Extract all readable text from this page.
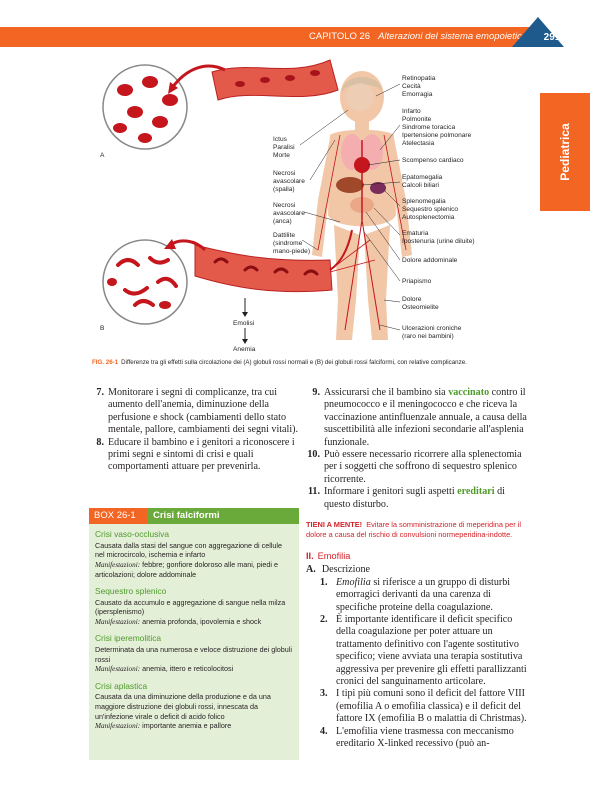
CAPITOLO 26 Alterazioni del sistema emopoietico	291
Pediatrica
A
B
Emolisi
Anemia
Ictus
Paralisi
Morte
Necrosi
avascolare
(spalla)
Necrosi
avascolare
(anca)
Dattilite
(sindrome
mano-piede)
Retinopatia
Cecità
Emorragia
Infarto
Polmonite
Sindrome toracica
Ipertensione polmonare
Atelectasia
Scompenso cardiaco
Epatomegalia
Calcoli biliari
Splenomegalia
Sequestro splenico
Autosplenectomia
Ematuria
Ipostenuria (urine diluite)
Dolore addominale
Priapismo
Dolore
Osteomielite
Ulcerazioni croniche
(raro nei bambini)
FIG. 26-1 Differenze tra gli effetti sulla circolazione dei (A) globuli rossi normali e (B) dei globuli rossi falciformi, con relative complicanze.
7. Monitorare i segni di complicanze, tra cui aumento dell'anemia, diminuzione della perfusione e shock (cambiamenti dello stato mentale, pallore, cambiamenti dei segni vitali).
8. Educare il bambino e i genitori a riconoscere i primi segni e sintomi di crisi e quali comportamenti attuare per prevenirla.
BOX 26-1	Crisi falciformi
Crisi vaso-occlusiva
Causata dalla stasi del sangue con aggregazione di cellule nel microcircolo, ischemia e infarto
Manifestazioni: febbre; gonfiore doloroso alle mani, piedi e articolazioni; dolore addominale
Sequestro splenico
Causato da accumulo e aggregazione di sangue nella milza (ipersplenismo)
Manifestazioni: anemia profonda, ipovolemia e shock
Crisi iperemolitica
Determinata da una numerosa e veloce distruzione dei globuli rossi
Manifestazioni: anemia, ittero e reticolocitosi
Crisi aplastica
Causata da una diminuzione della produzione e da una maggiore distruzione dei globuli rossi, innescata da un'infezione virale o deficit di acido folico
Manifestazioni: importante anemia e pallore
9. Assicurarsi che il bambino sia vaccinato contro il pneumococco e il meningococco e che riceva la vaccinazione antinfluenzale annuale, a causa della suscettibilità alle infezioni secondarie all'asplenia funzionale.
10. Può essere necessario ricorrere alla splenectomia per i soggetti che soffrono di sequestro splenico ricorrente.
11. Informare i genitori sugli aspetti ereditari di questo disturbo.
TIENI A MENTE! Evitare la somministrazione di meperidina per il dolore a causa del rischio di convulsioni normeperidina-indotte.
II. Emofilia
A. Descrizione
1. Emofilia si riferisce a un gruppo di disturbi emorragici derivanti da una carenza di specifiche proteine della coagulazione.
2. È importante identificare il deficit specifico della coagulazione per poter attuare un trattamento definitivo con l'agente sostitutivo specifico; viene avviata una terapia sostitutiva aggressiva per prevenire gli effetti parallizzanti cronici del sanguinamento articolare.
3. I tipi più comuni sono il deficit del fattore VIII (emofilia A o emofilia classica) e il deficit del fattore IX (emofilia B o malattia di Christmas).
4. L'emofilia viene trasmessa con meccanismo ereditario X-linked recessivo (può an-
